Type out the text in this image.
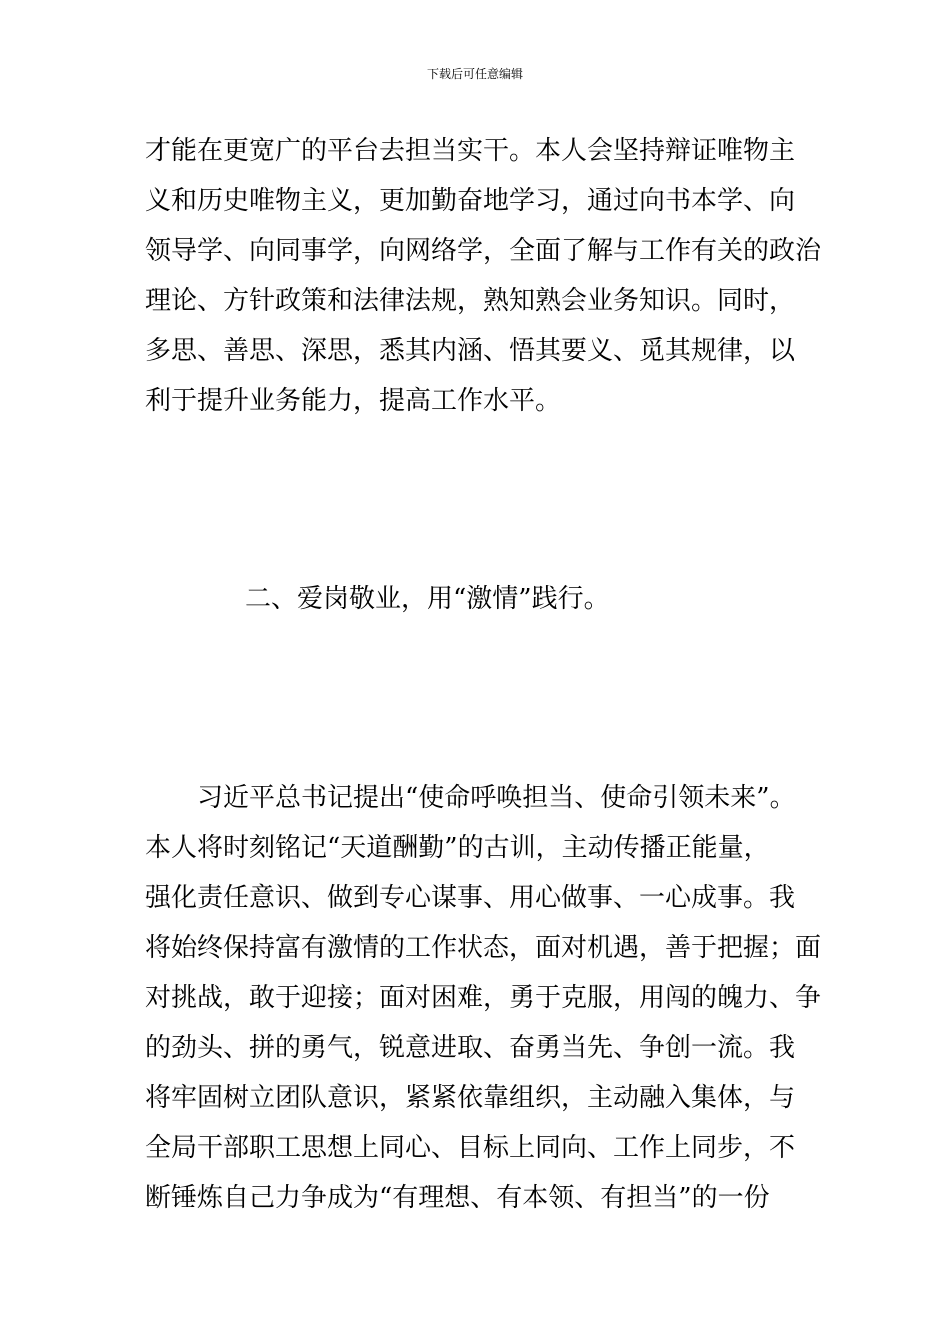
下载后可任意编辑
才能在更宽广的平台去担当实干。本人会坚持辩证唯物主
义和历史唯物主义，更加勤奋地学习，通过向书本学、向
领导学、向同事学，向网络学，全面了解与工作有关的政治
理论、方针政策和法律法规，熟知熟会业务知识。同时，
多思、善思、深思，悉其内涵、悟其要义、觅其规律，以
利于提升业务能力，提高工作水平。
二、爱岗敬业，用“激情”践行。
　　习近平总书记提出“使命呼唤担当、使命引领未来”。
本人将时刻铭记“天道酬勤”的古训，主动传播正能量，
强化责任意识、做到专心谋事、用心做事、一心成事。我
将始终保持富有激情的工作状态，面对机遇，善于把握；面
对挑战，敢于迎接；面对困难，勇于克服，用闯的魄力、争
的劲头、拼的勇气，锐意进取、奋勇当先、争创一流。我
将牢固树立团队意识，紧紧依靠组织，主动融入集体，与
全局干部职工思想上同心、目标上同向、工作上同步，不
断锤炼自己力争成为“有理想、有本领、有担当”的一份
